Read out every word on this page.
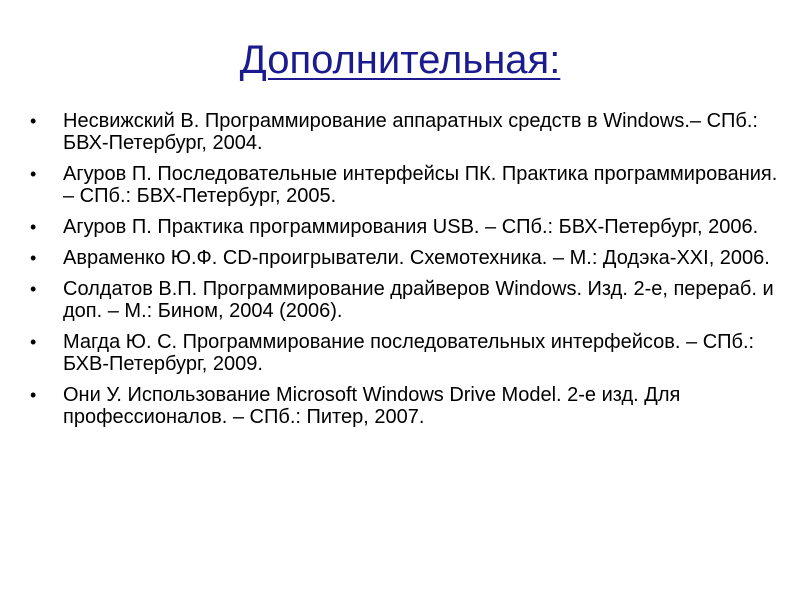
Дополнительная:
• Несвижский В. Программирование аппаратных средств в Windows.– СПб.: БВХ-Петербург, 2004.
• Агуров П. Последовательные интерфейсы ПК. Практика программирования. – СПб.: БВХ-Петербург, 2005.
• Агуров П. Практика программирования USB. – СПб.: БВХ-Петербург, 2006.
• Авраменко Ю.Ф. CD-проигрыватели. Схемотехника. – М.: Додэка-XXI, 2006.
• Солдатов В.П. Программирование драйверов Windows. Изд. 2-е, перераб. и доп. – М.: Бином, 2004 (2006).
• Магда Ю. С. Программирование последовательных интерфейсов. – СПб.: БХВ-Петербург, 2009.
• Они У. Использование Microsoft Windows Drive Model. 2-е изд. Для профессионалов. – СПб.: Питер, 2007.
